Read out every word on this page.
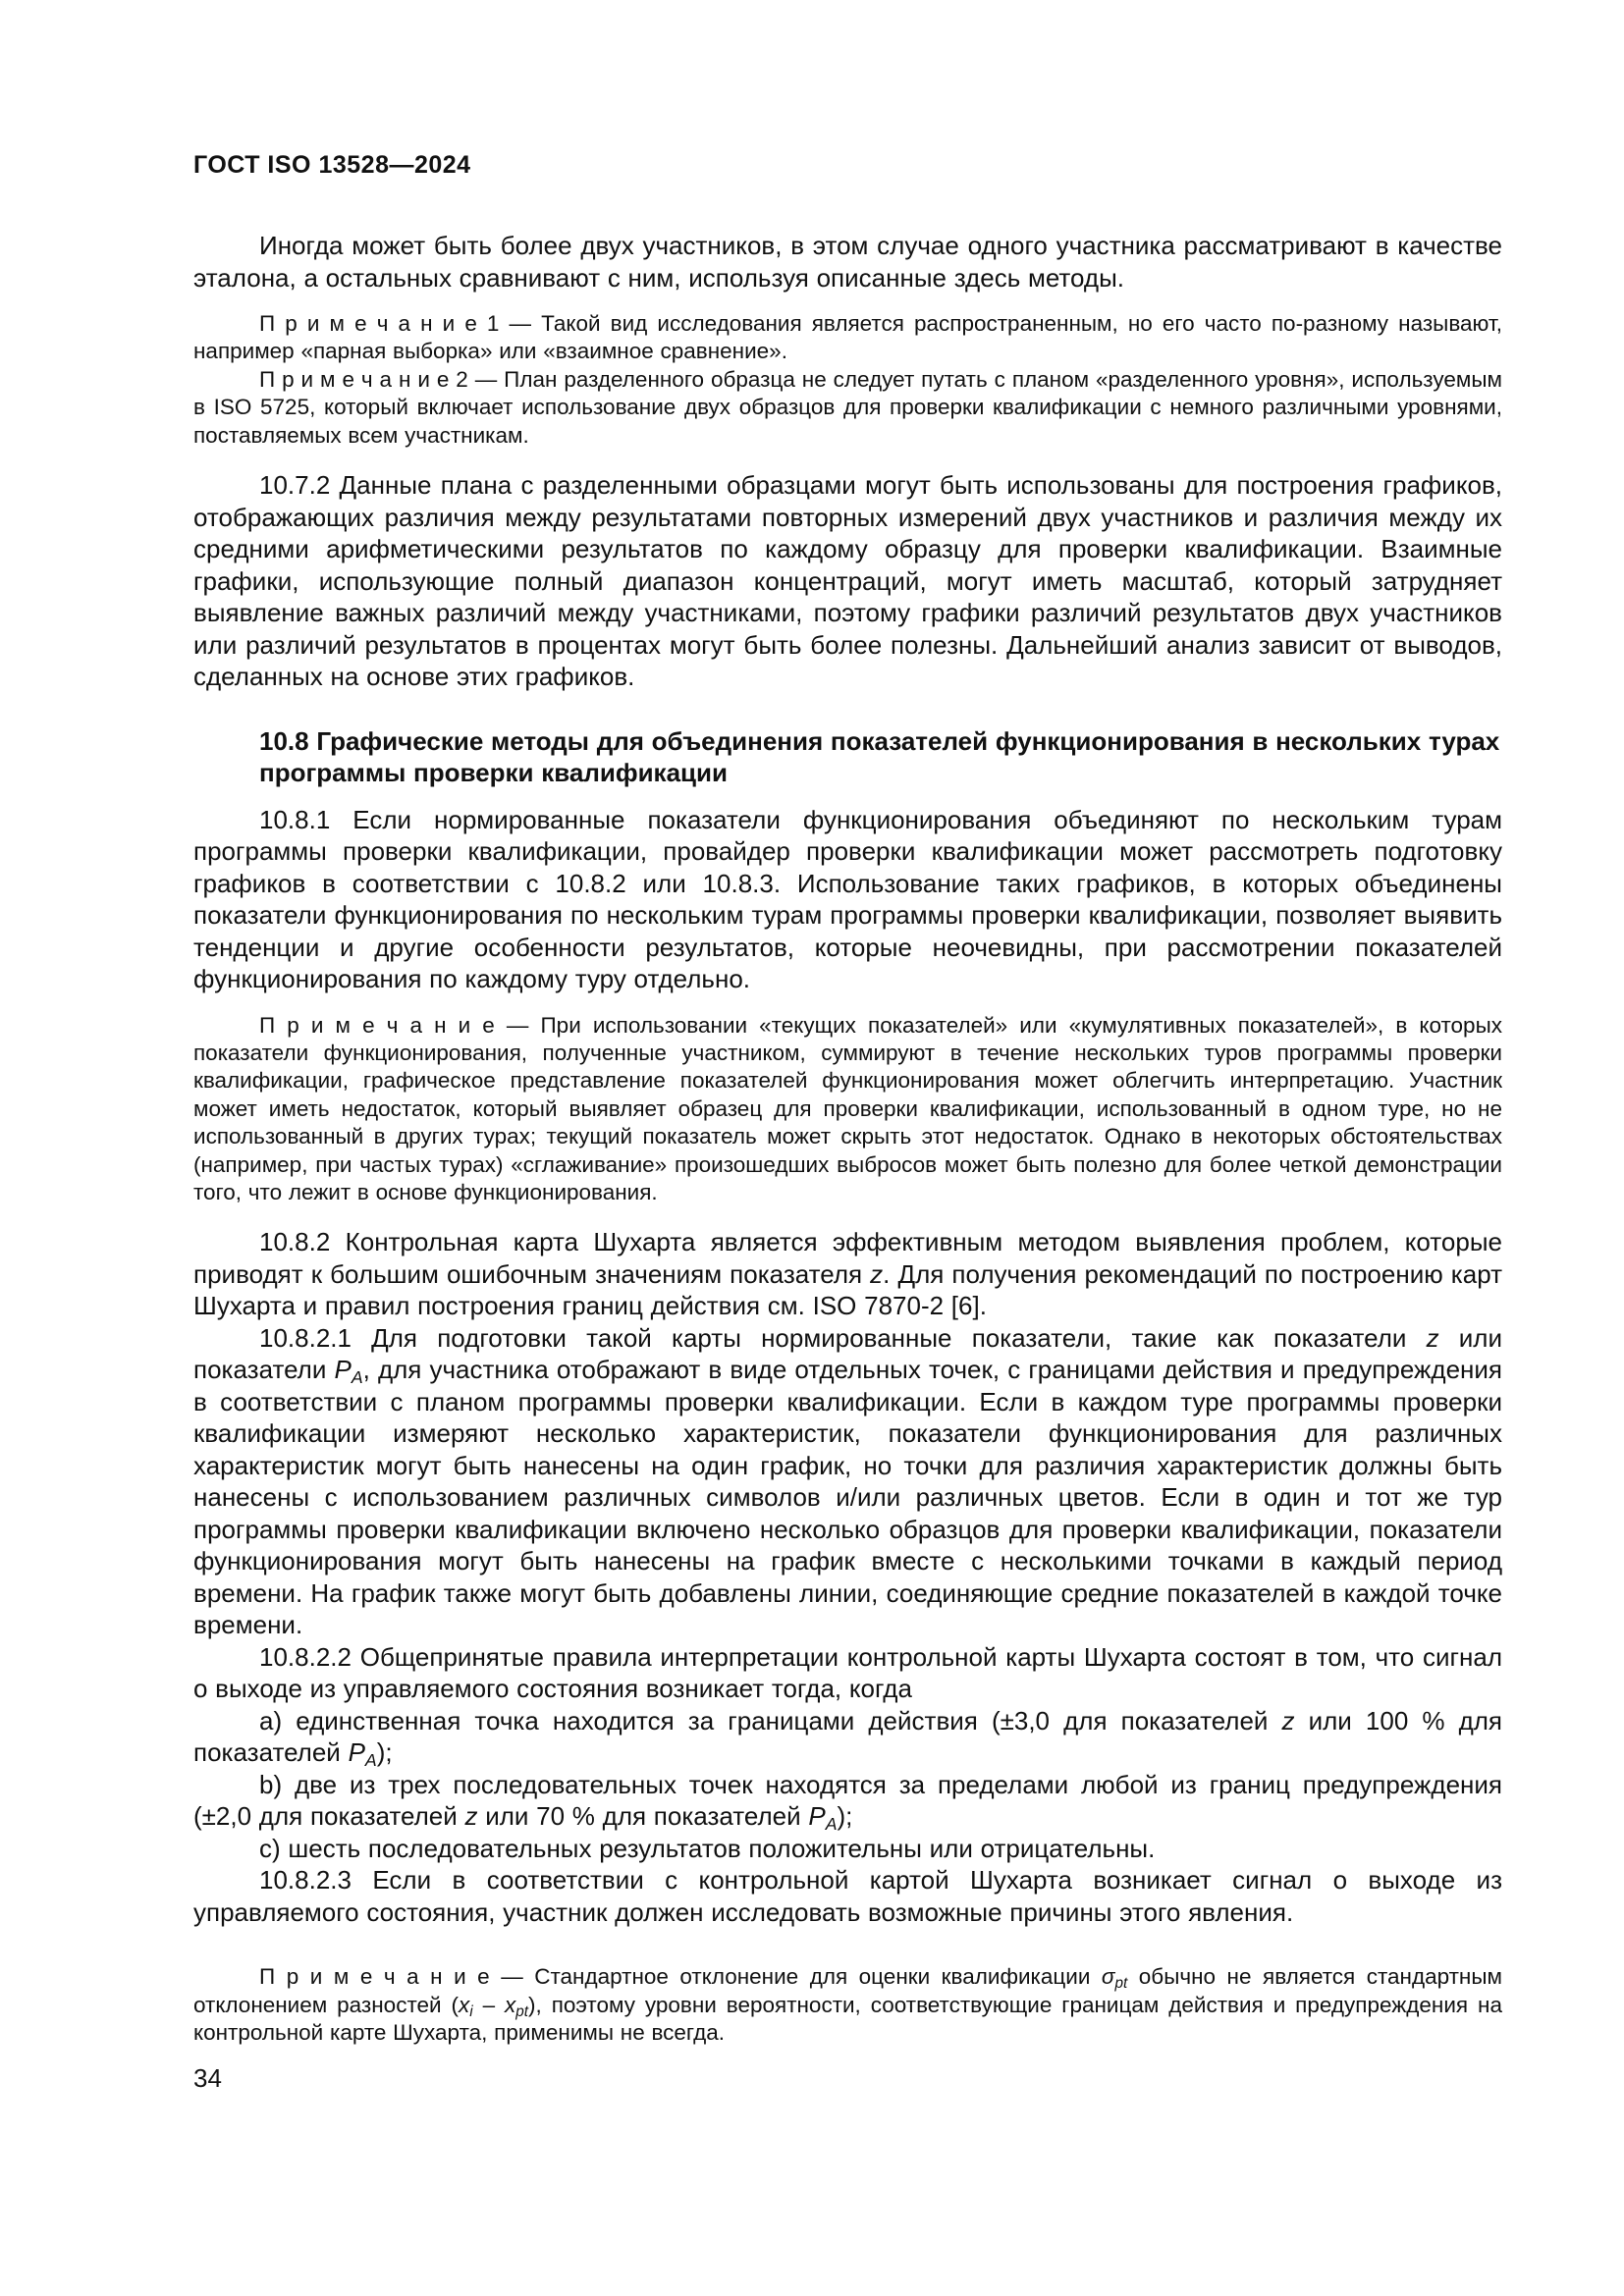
ГОСТ ISO 13528—2024

Иногда может быть более двух участников, в этом случае одного участника рассматривают в качестве эталона, а остальных сравнивают с ним, используя описанные здесь методы.

П р и м е ч а н и е 1 — Такой вид исследования является распространенным, но его часто по-разному называют, например «парная выборка» или «взаимное сравнение».

П р и м е ч а н и е 2 — План разделенного образца не следует путать с планом «разделенного уровня», используемым в ISO 5725, который включает использование двух образцов для проверки квалификации с немного различными уровнями, поставляемых всем участникам.

10.7.2 Данные плана с разделенными образцами могут быть использованы для построения графиков, отображающих различия между результатами повторных измерений двух участников и различия между их средними арифметическими результатов по каждому образцу для проверки квалификации. Взаимные графики, использующие полный диапазон концентраций, могут иметь масштаб, который затрудняет выявление важных различий между участниками, поэтому графики различий результатов двух участников или различий результатов в процентах могут быть более полезны. Дальнейший анализ зависит от выводов, сделанных на основе этих графиков.

10.8 Графические методы для объединения показателей функционирования в нескольких турах программы проверки квалификации

10.8.1 Если нормированные показатели функционирования объединяют по нескольким турам программы проверки квалификации, провайдер проверки квалификации может рассмотреть подготовку графиков в соответствии с 10.8.2 или 10.8.3. Использование таких графиков, в которых объединены показатели функционирования по нескольким турам программы проверки квалификации, позволяет выявить тенденции и другие особенности результатов, которые неочевидны, при рассмотрении показателей функционирования по каждому туру отдельно.

П р и м е ч а н и е — При использовании «текущих показателей» или «кумулятивных показателей», в которых показатели функционирования, полученные участником, суммируют в течение нескольких туров программы проверки квалификации, графическое представление показателей функционирования может облегчить интерпретацию. Участник может иметь недостаток, который выявляет образец для проверки квалификации, использованный в одном туре, но не использованный в других турах; текущий показатель может скрыть этот недостаток. Однако в некоторых обстоятельствах (например, при частых турах) «сглаживание» произошедших выбросов может быть полезно для более четкой демонстрации того, что лежит в основе функционирования.

10.8.2 Контрольная карта Шухарта является эффективным методом выявления проблем, которые приводят к большим ошибочным значениям показателя z. Для получения рекомендаций по построению карт Шухарта и правил построения границ действия см. ISO 7870-2 [6].

10.8.2.1 Для подготовки такой карты нормированные показатели, такие как показатели z или показатели $P_A$, для участника отображают в виде отдельных точек, с границами действия и предупреждения в соответствии с планом программы проверки квалификации. Если в каждом туре программы проверки квалификации измеряют несколько характеристик, показатели функционирования для различных характеристик могут быть нанесены на один график, но точки для различия характеристик должны быть нанесены с использованием различных символов и/или различных цветов. Если в один и тот же тур программы проверки квалификации включено несколько образцов для проверки квалификации, показатели функционирования могут быть нанесены на график вместе с несколькими точками в каждый период времени. На график также могут быть добавлены линии, соединяющие средние показателей в каждой точке времени.

10.8.2.2 Общепринятые правила интерпретации контрольной карты Шухарта состоят в том, что сигнал о выходе из управляемого состояния возникает тогда, когда

a) единственная точка находится за границами действия (±3,0 для показателей z или 100 % для показателей $P_A$);

b) две из трех последовательных точек находятся за пределами любой из границ предупреждения (±2,0 для показателей z или 70 % для показателей $P_A$);

c) шесть последовательных результатов положительны или отрицательны.

10.8.2.3 Если в соответствии с контрольной картой Шухарта возникает сигнал о выходе из управляемого состояния, участник должен исследовать возможные причины этого явления.

П р и м е ч а н и е — Стандартное отклонение для оценки квалификации $\sigma_{pt}$ обычно не является стандартным отклонением разностей $(x_i - x_{pt})$, поэтому уровни вероятности, соответствующие границам действия и предупреждения на контрольной карте Шухарта, применимы не всегда.

34
